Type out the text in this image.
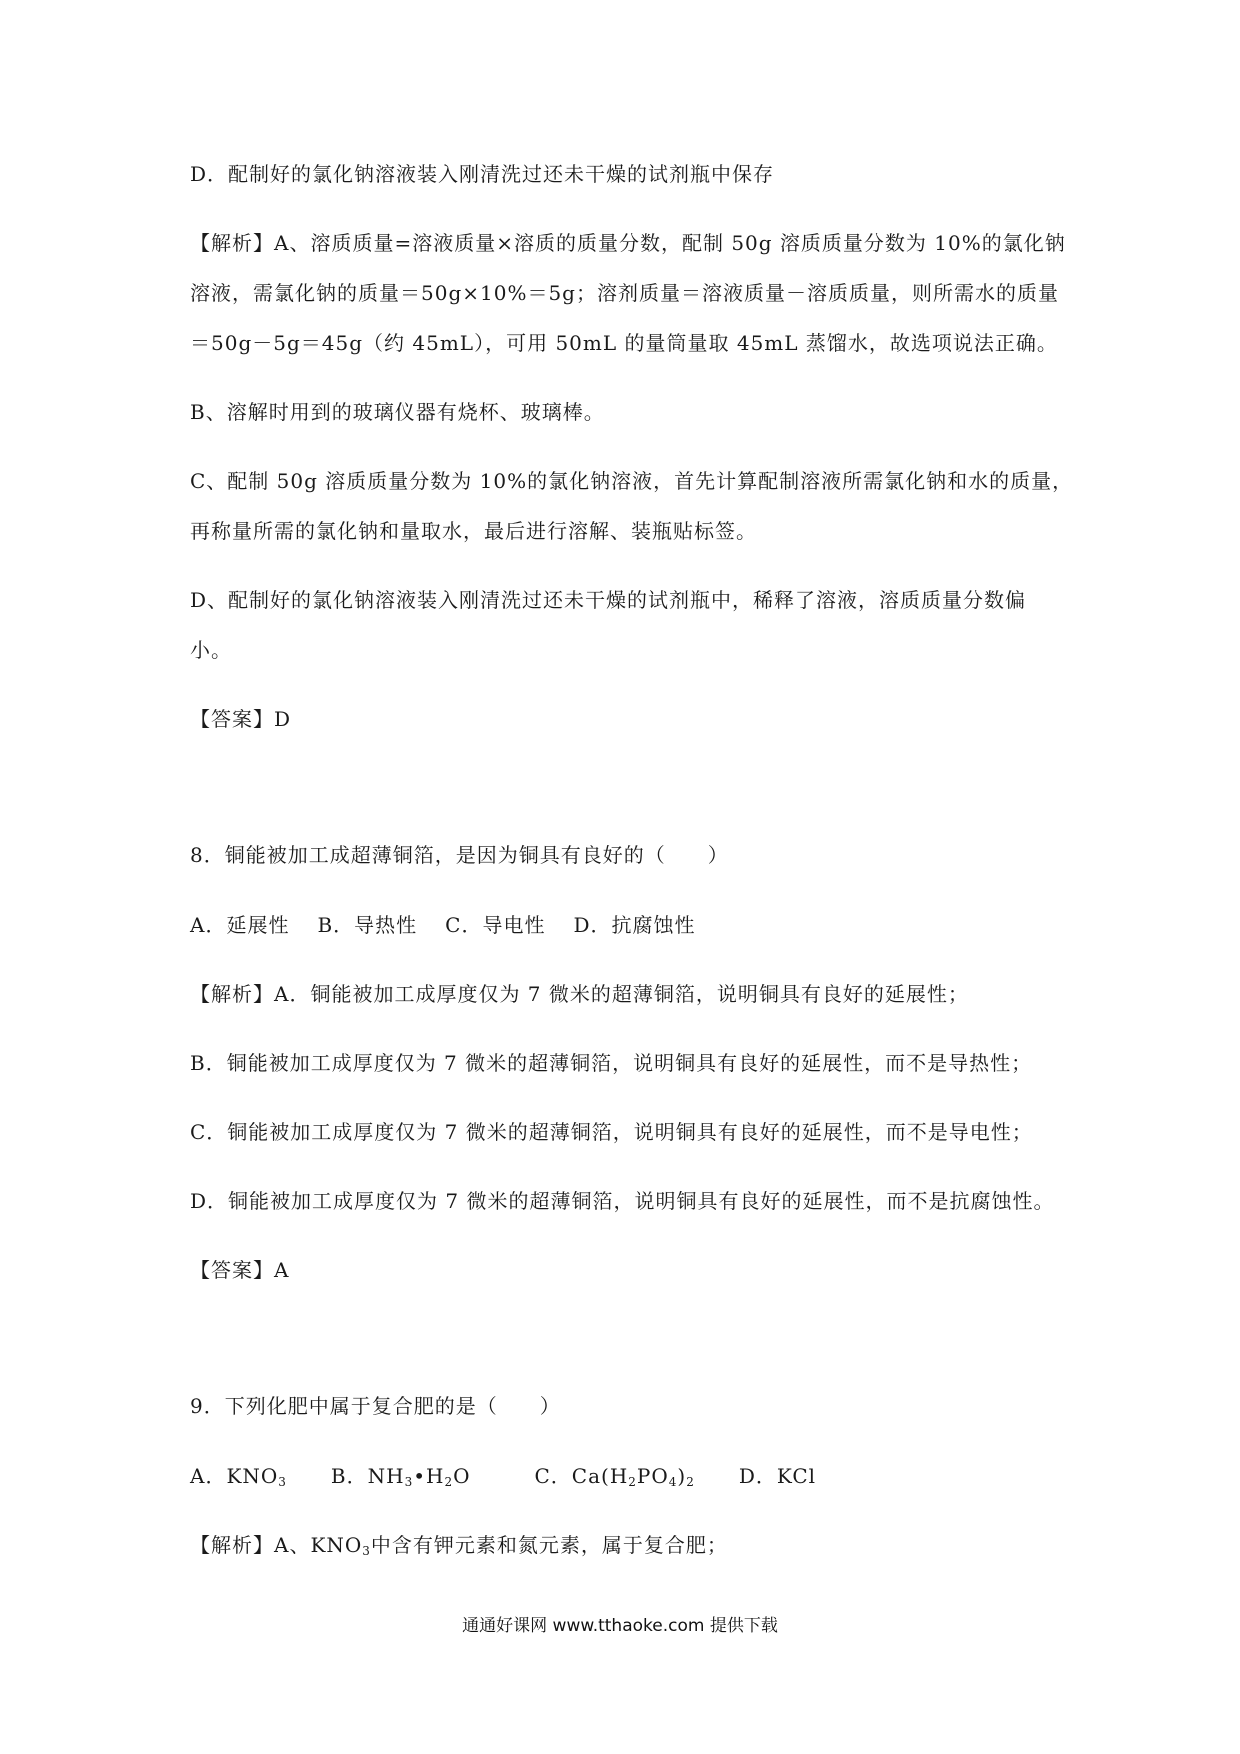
D．配制好的氯化钠溶液装入刚清洗过还未干燥的试剂瓶中保存
【解析】A、溶质质量=溶液质量×溶质的质量分数，配制 50g 溶质质量分数为 10%的氯化钠
溶液，需氯化钠的质量＝50g×10%＝5g；溶剂质量＝溶液质量－溶质质量，则所需水的质量
＝50g－5g＝45g（约 45mL），可用 50mL 的量筒量取 45mL 蒸馏水，故选项说法正确。
B、溶解时用到的玻璃仪器有烧杯、玻璃棒。
C、配制 50g 溶质质量分数为 10%的氯化钠溶液，首先计算配制溶液所需氯化钠和水的质量，
再称量所需的氯化钠和量取水，最后进行溶解、装瓶贴标签。
D、配制好的氯化钠溶液装入刚清洗过还未干燥的试剂瓶中，稀释了溶液，溶质质量分数偏
小。
【答案】D
8．铜能被加工成超薄铜箔，是因为铜具有良好的（　　）
A．延展性 B．导热性 C．导电性 D．抗腐蚀性
【解析】A．铜能被加工成厚度仅为 7 微米的超薄铜箔，说明铜具有良好的延展性；
B．铜能被加工成厚度仅为 7 微米的超薄铜箔，说明铜具有良好的延展性，而不是导热性；
C．铜能被加工成厚度仅为 7 微米的超薄铜箔，说明铜具有良好的延展性，而不是导电性；
D．铜能被加工成厚度仅为 7 微米的超薄铜箔，说明铜具有良好的延展性，而不是抗腐蚀性。
【答案】A
9．下列化肥中属于复合肥的是（　　）
A．$KNO_3$ B．$NH_3•H_2O$	C．$Ca(H_2PO_4)_2$ D．KCl
【解析】A、$KNO_3$中含有钾元素和氮元素，属于复合肥；
通通好课网 www.tthaoke.com 提供下载
